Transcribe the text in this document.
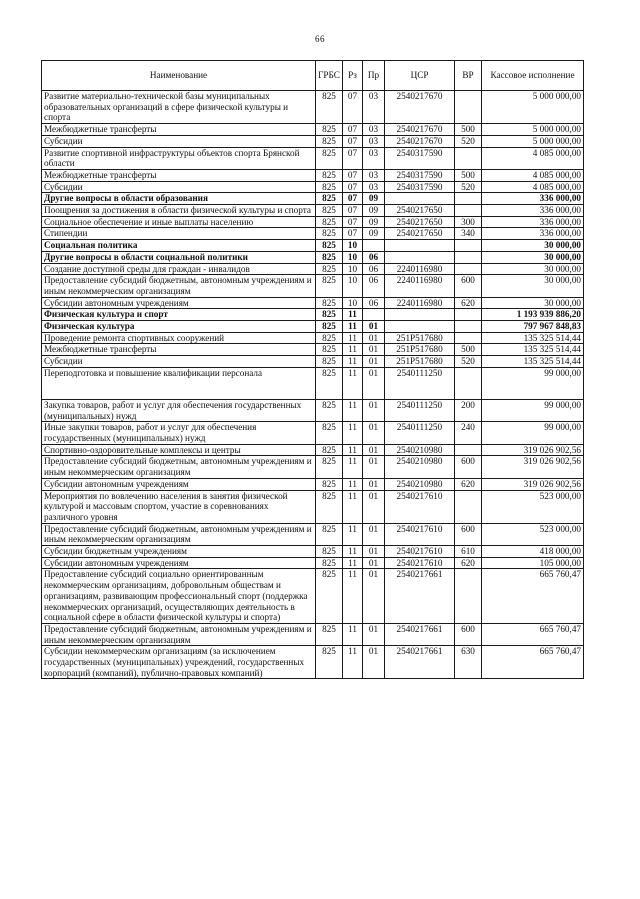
66
Наименование	ГРБС	Рз	Пр	ЦСР	ВР	Кассовое исполнение
Развитие материально-технической базы муниципальных образовательных организаций в сфере физической культуры и спорта	825	07	03	2540217670		5 000 000,00
Межбюджетные трансферты	825	07	03	2540217670	500	5 000 000,00
Субсидии	825	07	03	2540217670	520	5 000 000,00
Развитие спортивной инфраструктуры объектов спорта Брянской области	825	07	03	2540317590		4 085 000,00
Межбюджетные трансферты	825	07	03	2540317590	500	4 085 000,00
Субсидии	825	07	03	2540317590	520	4 085 000,00
Другие вопросы в области образования	825	07	09			336 000,00
Поощрения за достижения в области физической культуры и спорта	825	07	09	2540217650		336 000,00
Социальное обеспечение и иные выплаты населению	825	07	09	2540217650	300	336 000,00
Стипендии	825	07	09	2540217650	340	336 000,00
Социальная политика	825	10				30 000,00
Другие вопросы в области социальной политики	825	10	06			30 000,00
Создание доступной среды для граждан - инвалидов	825	10	06	2240116980		30 000,00
Предоставление субсидий бюджетным, автономным учреждениям и иным некоммерческим организациям	825	10	06	2240116980	600	30 000,00
Субсидии автономным учреждениям	825	10	06	2240116980	620	30 000,00
Физическая культура и спорт	825	11				1 193 939 886,20
Физическая культура	825	11	01			797 967 848,83
Проведение ремонта спортивных сооружений	825	11	01	251P517680		135 325 514,44
Межбюджетные трансферты	825	11	01	251P517680	500	135 325 514,44
Субсидии	825	11	01	251P517680	520	135 325 514,44
Переподготовка и повышение квалификации персонала	825	11	01	2540111250		99 000,00
Закупка товаров, работ и услуг для обеспечения государственных (муниципальных) нужд	825	11	01	2540111250	200	99 000,00
Иные закупки товаров, работ и услуг для обеспечения государственных (муниципальных) нужд	825	11	01	2540111250	240	99 000,00
Спортивно-оздоровительные комплексы и центры	825	11	01	2540210980		319 026 902,56
Предоставление субсидий бюджетным, автономным учреждениям и иным некоммерческим организациям	825	11	01	2540210980	600	319 026 902,56
Субсидии автономным учреждениям	825	11	01	2540210980	620	319 026 902,56
Мероприятия по вовлечению населения в занятия физической культурой и массовым спортом, участие в соревнованиях различного уровня	825	11	01	2540217610		523 000,00
Предоставление субсидий бюджетным, автономным учреждениям и иным некоммерческим организациям	825	11	01	2540217610	600	523 000,00
Субсидии бюджетным учреждениям	825	11	01	2540217610	610	418 000,00
Субсидии автономным учреждениям	825	11	01	2540217610	620	105 000,00
Предоставление субсидий социально ориентированным некоммерческим организациям, добровольным обществам и организациям, развивающим профессиональный спорт (поддержка некоммерческих организаций, осуществляющих деятельность в социальной сфере в области физической культуры и спорта)	825	11	01	2540217661		665 760,47
Предоставление субсидий бюджетным, автономным учреждениям и иным некоммерческим организациям	825	11	01	2540217661	600	665 760,47
Субсидии некоммерческим организациям (за исключением государственных (муниципальных) учреждений, государственных корпораций (компаний), публично-правовых компаний)	825	11	01	2540217661	630	665 760,47
